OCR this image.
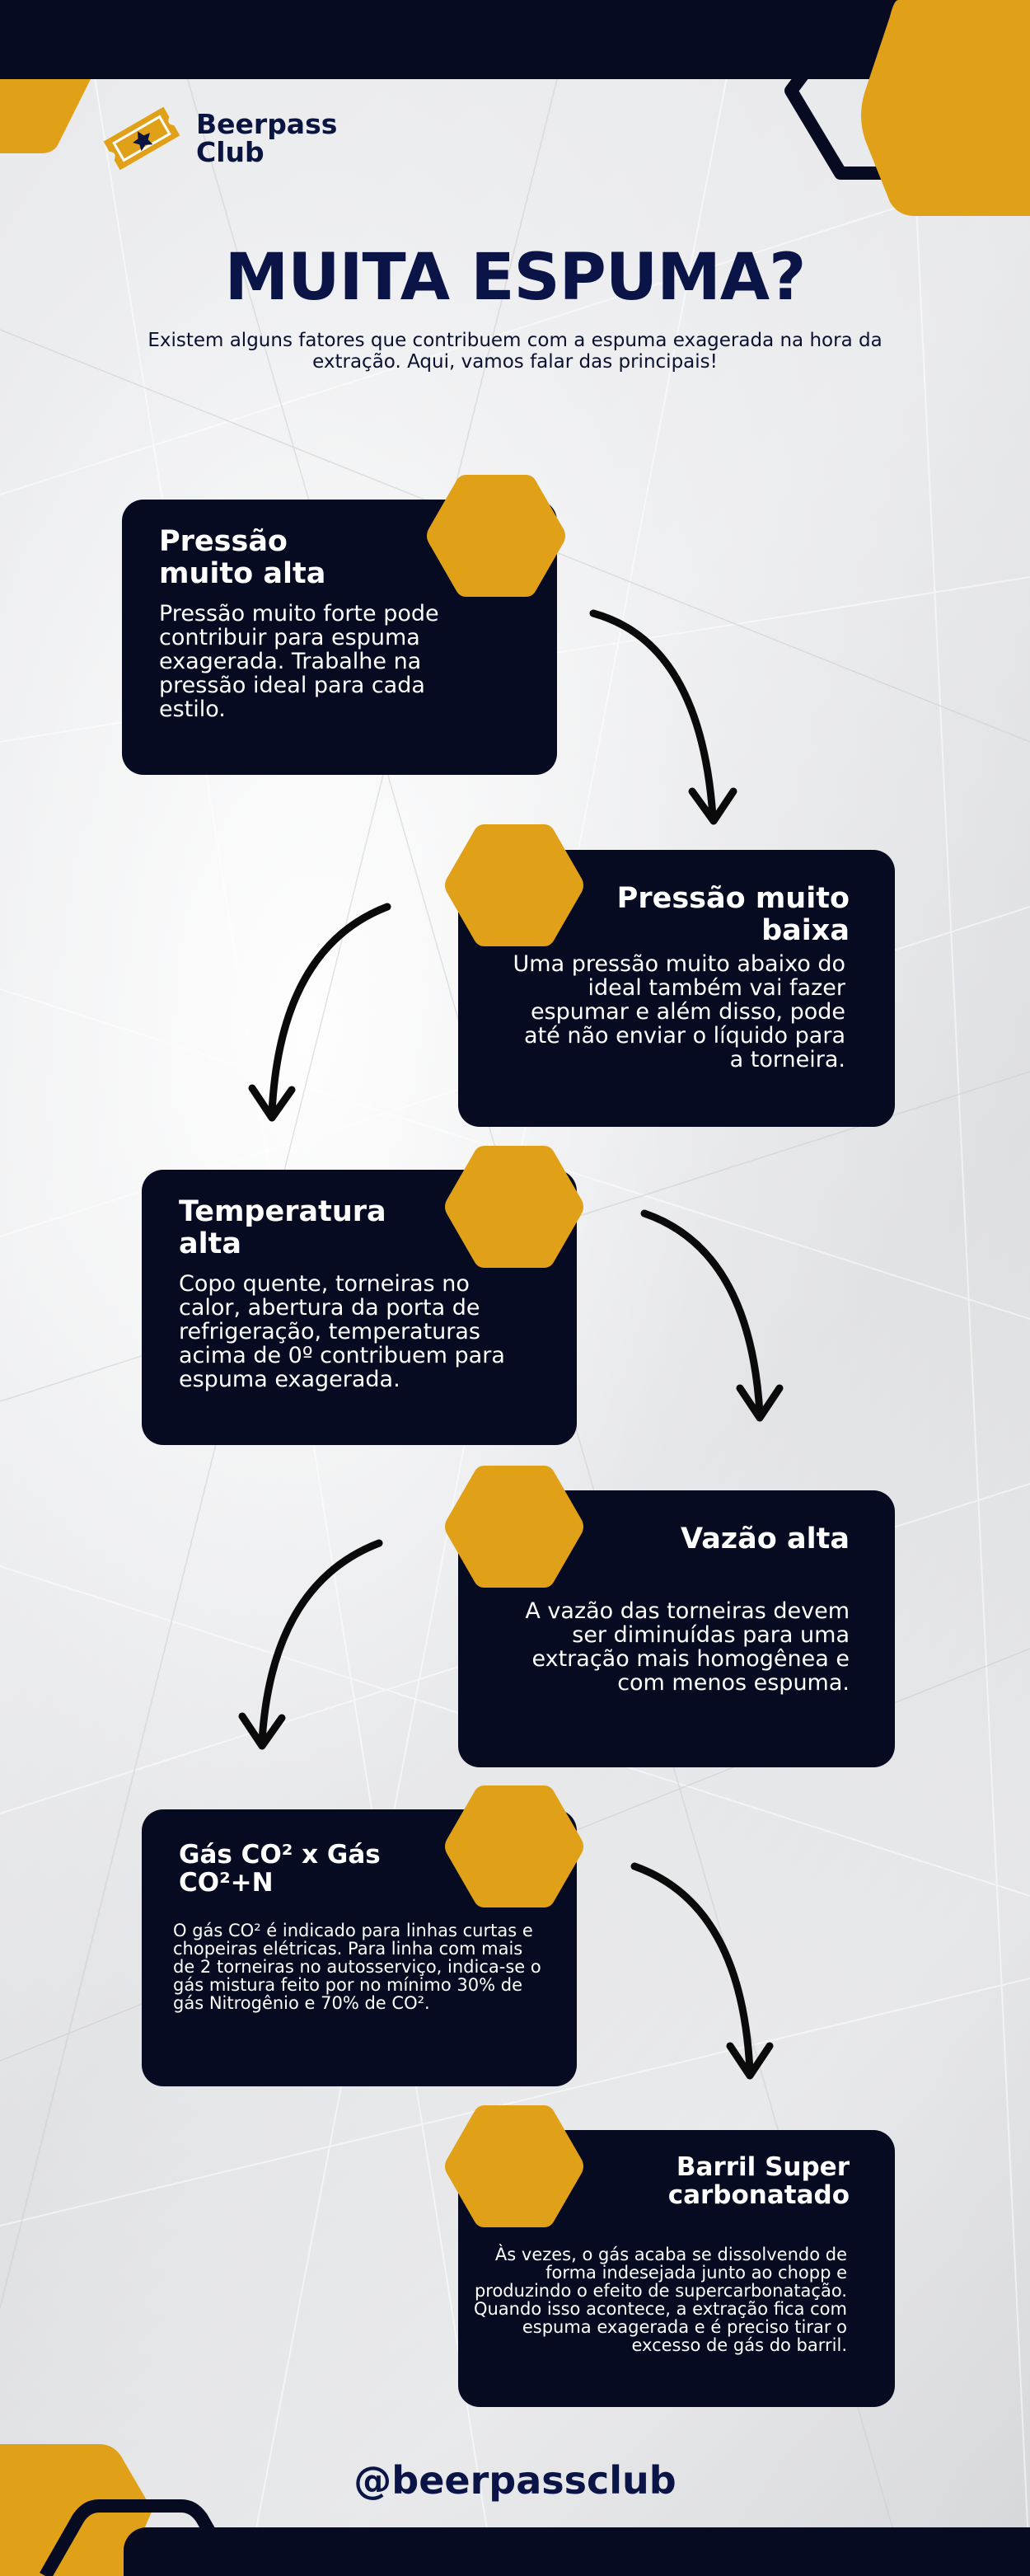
Beerpass
Club
MUITA ESPUMA?

Existem alguns fatores que contribuem com a espuma exagerada na hora da extração. Aqui, vamos falar das principais!

Pressão muito alta

Pressão muito forte pode contribuir para espuma exagerada. Trabalhe na pressão ideal para cada estilo.

Pressão muito baixa

Uma pressão muito abaixo do ideal também vai fazer espumar e além disso, pode até não enviar o líquido para a torneira.

Temperatura alta

Copo quente, torneiras no calor, abertura da porta de refrigeração, temperaturas acima de 0º contribuem para espuma exagerada.

Vazão alta

A vazão das torneiras devem ser diminuídas para uma extração mais homogênea e com menos espuma.

Gás CO² x Gás CO²+N

O gás CO² é indicado para linhas curtas e chopeiras elétricas. Para linha com mais de 2 torneiras no autosserviço, indica-se o gás mistura feito por no mínimo 30% de gás Nitrogênio e 70% de CO².

Barril Super carbonatado

Às vezes, o gás acaba se dissolvendo de forma indesejada junto ao chopp e produzindo o efeito de supercarbonatação. Quando isso acontece, a extração fica com espuma exagerada e é preciso tirar o excesso de gás do barril.

@beerpassclub
